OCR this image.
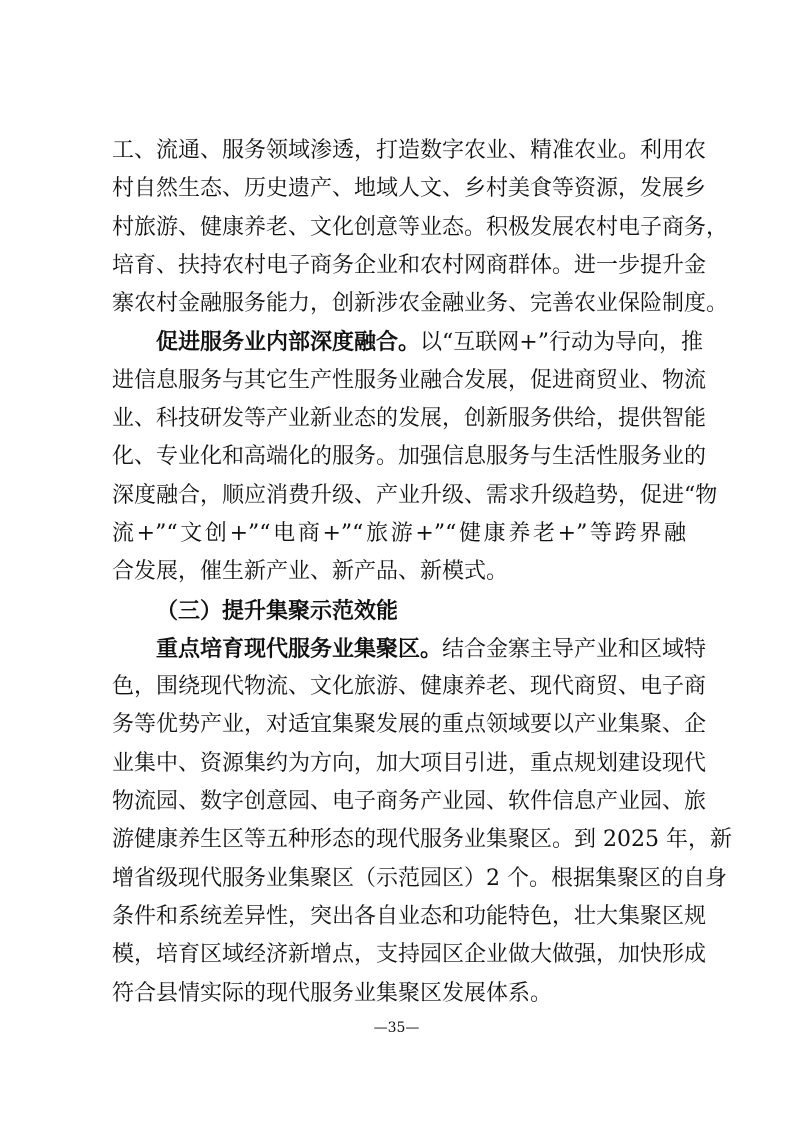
工、流通、服务领域渗透，打造数字农业、精准农业。利用农
村自然生态、历史遗产、地域人文、乡村美食等资源，发展乡
村旅游、健康养老、文化创意等业态。积极发展农村电子商务，
培育、扶持农村电子商务企业和农村网商群体。进一步提升金
寨农村金融服务能力，创新涉农金融业务、完善农业保险制度。
促进服务业内部深度融合。以“互联网+”行动为导向，推
进信息服务与其它生产性服务业融合发展，促进商贸业、物流
业、科技研发等产业新业态的发展，创新服务供给，提供智能
化、专业化和高端化的服务。加强信息服务与生活性服务业的
深度融合，顺应消费升级、产业升级、需求升级趋势，促进“物
流+”“文创+”“电商+”“旅游+”“健康养老+”等跨界融
合发展，催生新产业、新产品、新模式。
（三）提升集聚示范效能
重点培育现代服务业集聚区。结合金寨主导产业和区域特
色，围绕现代物流、文化旅游、健康养老、现代商贸、电子商
务等优势产业，对适宜集聚发展的重点领域要以产业集聚、企
业集中、资源集约为方向，加大项目引进，重点规划建设现代
物流园、数字创意园、电子商务产业园、软件信息产业园、旅
游健康养生区等五种形态的现代服务业集聚区。到 2025 年，新
增省级现代服务业集聚区（示范园区）2 个。根据集聚区的自身
条件和系统差异性，突出各自业态和功能特色，壮大集聚区规
模，培育区域经济新增点，支持园区企业做大做强，加快形成
符合县情实际的现代服务业集聚区发展体系。
—35—
